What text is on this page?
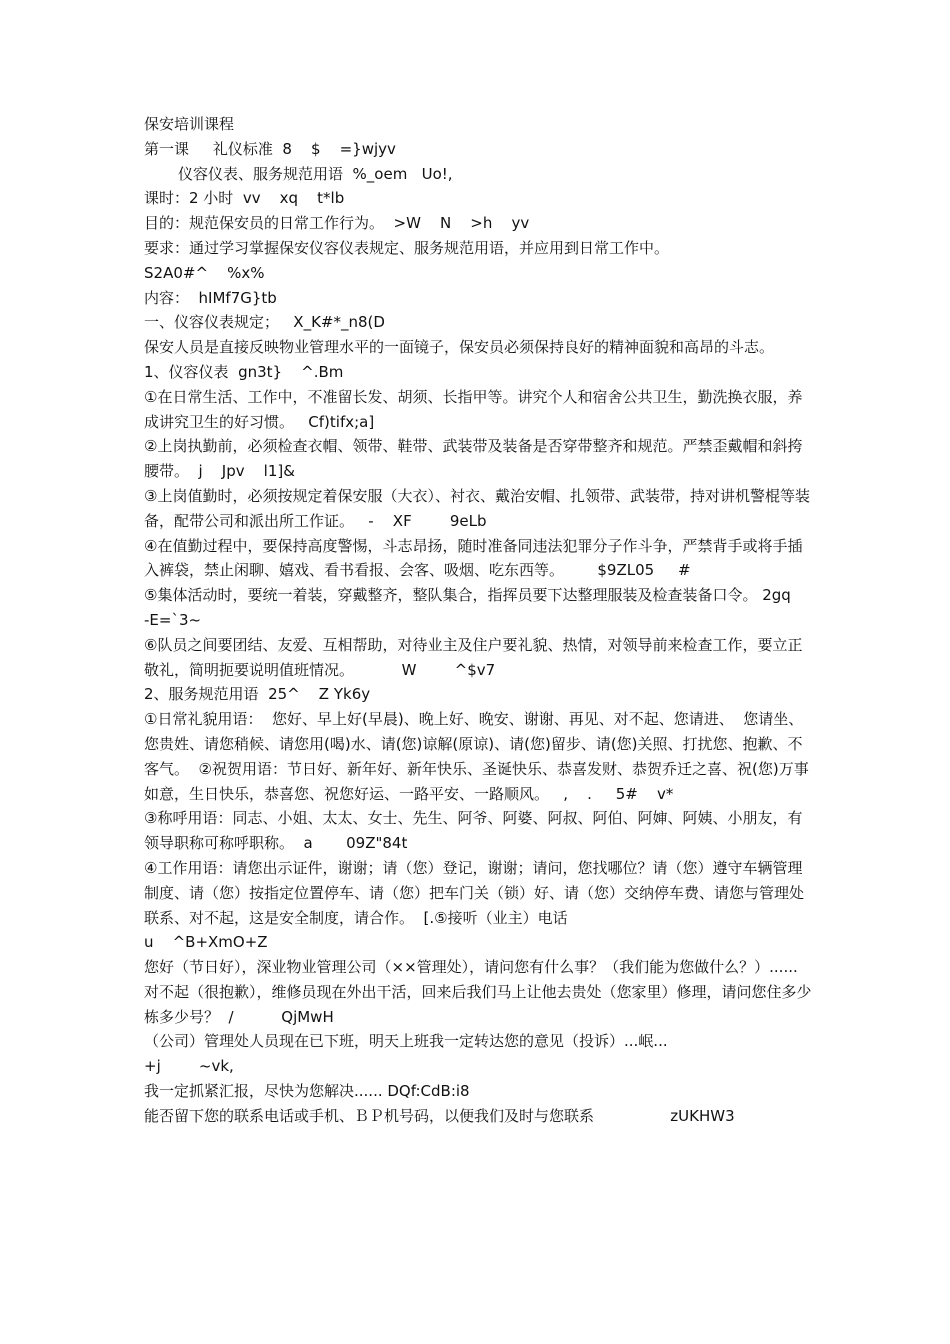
保安培训课程

第一课     礼仪标准  8    $    =}wjyv

仪容仪表、服务规范用语  %_oem   Uo!,

课时：2 小时  vv    xq    t*lb

目的：规范保安员的日常工作行为。  >W    N    >h    yv

要求：通过学习掌握保安仪容仪表规定、服务规范用语，并应用到日常工作中。

S2A0#^    %x%

内容：  hIMf7G}tb

一、仪容仪表规定；   X_K#*_n8(D

保安人员是直接反映物业管理水平的一面镜子，保安员必须保持良好的精神面貌和高昂的斗志。

1、仪容仪表  gn3t}    ^.Bm

①在日常生活、工作中，不准留长发、胡须、长指甲等。讲究个人和宿舍公共卫生，勤洗换衣服，养成讲究卫生的好习惯。   Cf)tifx;a]

②上岗执勤前，必须检查衣帽、领带、鞋带、武装带及装备是否穿带整齐和规范。严禁歪戴帽和斜挎腰带。  j    Jpv    l1]&

③上岗值勤时，必须按规定着保安服（大衣）、衬衣、戴治安帽、扎领带、武装带，持对讲机警棍等装备，配带公司和派出所工作证。   -    XF        9eLb

④在值勤过程中，要保持高度警惕，斗志昂扬，随时准备同违法犯罪分子作斗争，严禁背手或将手插入裤袋，禁止闲聊、嬉戏、看书看报、会客、吸烟、吃东西等。       $9ZL05     #

⑤集体活动时，要统一着装，穿戴整齐，整队集合，指挥员要下达整理服装及检查装备口令。 2gq    -E=`3~

⑥队员之间要团结、友爱、互相帮助，对待业主及住户要礼貌、热情，对领导前来检查工作，要立正敬礼，简明扼要说明值班情况。          W        ^$v7

2、服务规范用语  25^    Z Yk6y

①日常礼貌用语：  您好、早上好(早晨)、晚上好、晚安、谢谢、再见、对不起、您请进、  您请坐、您贵姓、请您稍候、请您用(喝)水、请(您)谅解(原谅)、请(您)留步、请(您)关照、打扰您、抱歉、不客气。  ②祝贺用语：节日好、新年好、新年快乐、圣诞快乐、恭喜发财、恭贺乔迁之喜、祝(您)万事如意，生日快乐，恭喜您、祝您好运、一路平安、一路顺风。   ,    .     5#    v*

③称呼用语：同志、小姐、太太、女士、先生、阿爷、阿婆、阿叔、阿伯、阿婶、阿姨、小朋友，有领导职称可称呼职称。  a       09Z"84t

④工作用语：请您出示证件，谢谢；请（您）登记，谢谢；请问，您找哪位？请（您）遵守车辆管理制度、请（您）按指定位置停车、请（您）把车门关（锁）好、请（您）交纳停车费、请您与管理处联系、对不起，这是安全制度，请合作。  [.⑤接听（业主）电话

u    ^B+XmO+Z

您好（节日好），深业物业管理公司（××管理处），请问您有什么事？（我们能为您做什么？）......

对不起（很抱歉），维修员现在外出干活，回来后我们马上让他去贵处（您家里）修理，请问您住多少栋多少号？  /          QjMwH

（公司）管理处人员现在已下班，明天上班我一定转达您的意见（投诉）...岷...

+j        ~vk,

我一定抓紧汇报，尽快为您解决...... DQf:CdB:i8

能否留下您的联系电话或手机、ＢＰ机号码，以便我们及时与您联系                zUKHW3
